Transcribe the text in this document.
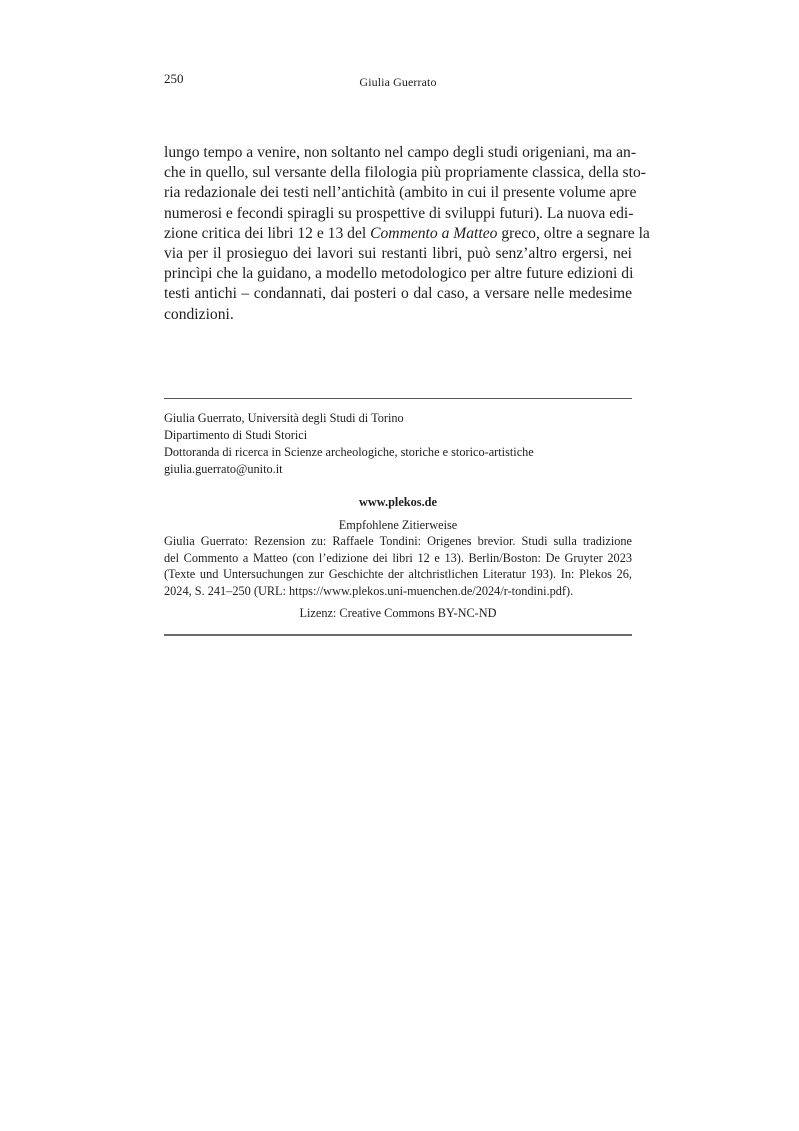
250	Giulia Guerrato

lungo tempo a venire, non soltanto nel campo degli studi origeniani, ma an-
che in quello, sul versante della filologia più propriamente classica, della sto-
ria redazionale dei testi nell’antichità (ambito in cui il presente volume apre
numerosi e fecondi spiragli su prospettive di sviluppi futuri). La nuova edi-
zione critica dei libri 12 e 13 del Commento a Matteo greco, oltre a segnare la
via per il prosieguo dei lavori sui restanti libri, può senz’altro ergersi, nei
princìpi che la guidano, a modello metodologico per altre future edizioni di
testi antichi – condannati, dai posteri o dal caso, a versare nelle medesime
condizioni.

Giulia Guerrato, Università degli Studi di Torino
Dipartimento di Studi Storici
Dottoranda di ricerca in Scienze archeologiche, storiche e storico-artistiche
giulia.guerrato@unito.it
www.plekos.de
Empfohlene Zitierweise
Giulia Guerrato: Rezension zu: Raffaele Tondini: Origenes brevior. Studi sulla tradizione
del Commento a Matteo (con l’edizione dei libri 12 e 13). Berlin/Boston: De Gruyter 2023
(Texte und Untersuchungen zur Geschichte der altchristlichen Literatur 193). In: Plekos 26,
2024, S. 241–250 (URL: https://www.plekos.uni-muenchen.de/2024/r-tondini.pdf).
Lizenz: Creative Commons BY-NC-ND
